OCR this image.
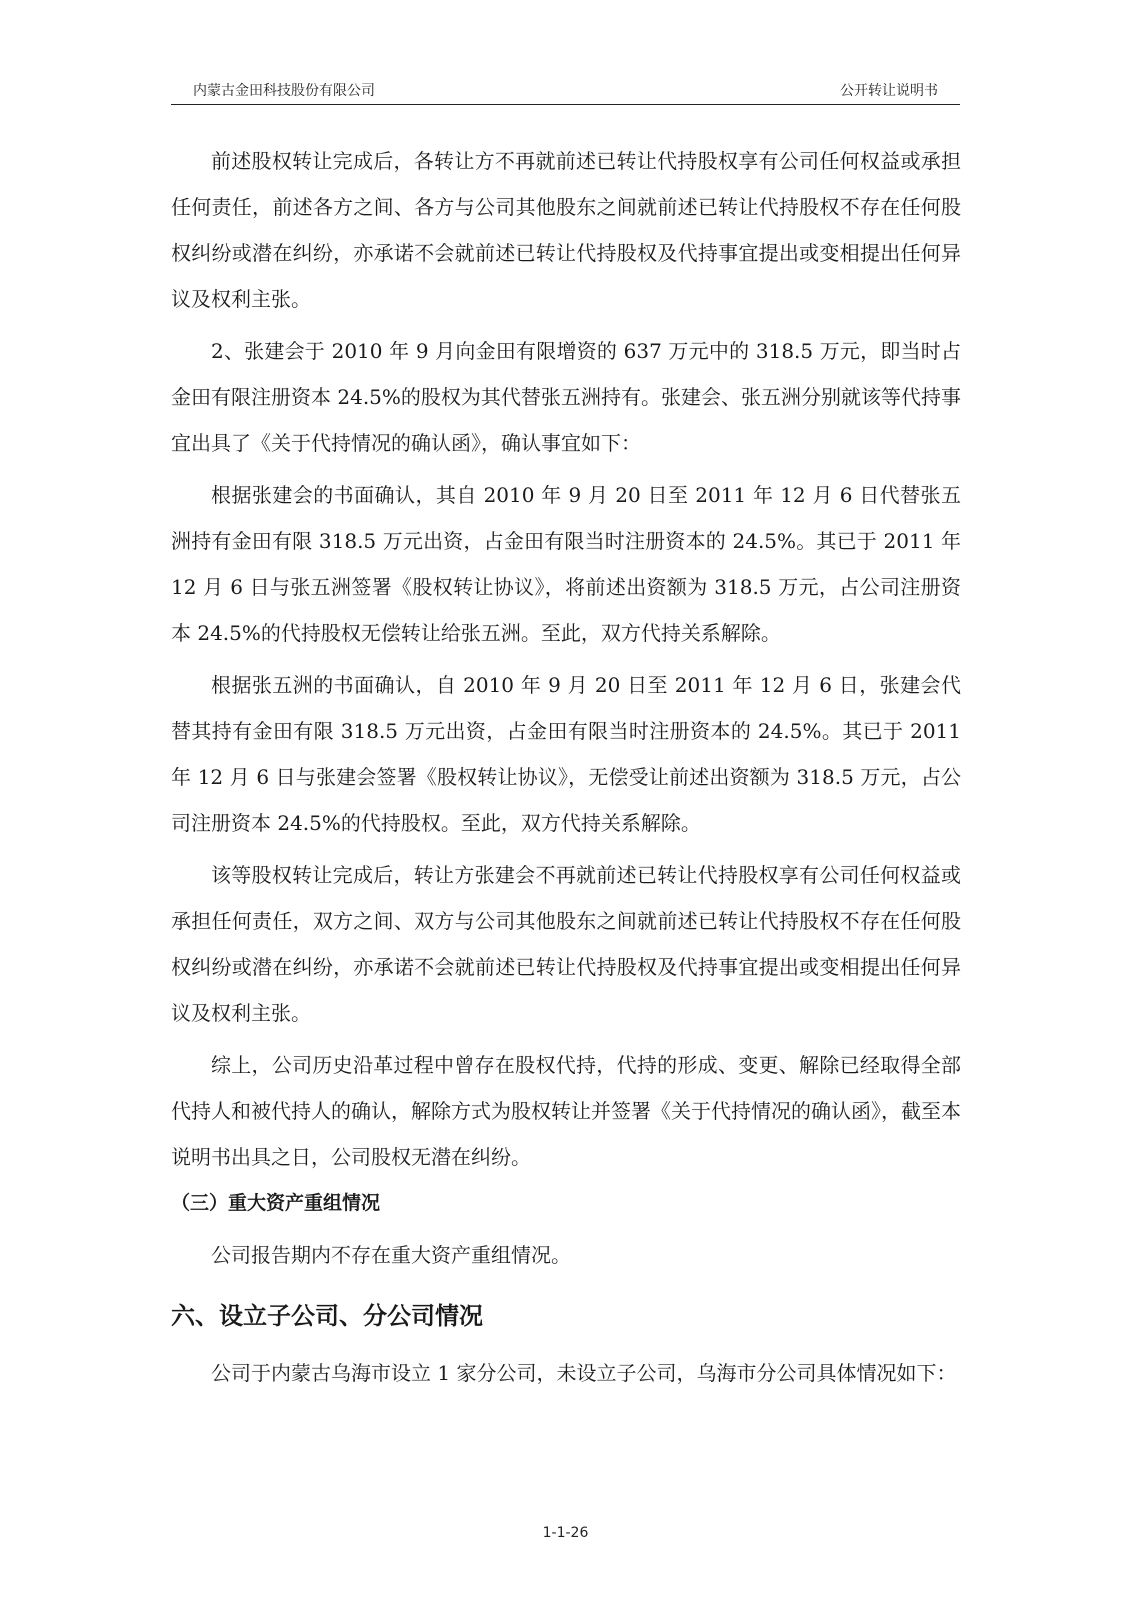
内蒙古金田科技股份有限公司	公开转让说明书

前述股权转让完成后，各转让方不再就前述已转让代持股权享有公司任何权益或承担任何责任，前述各方之间、各方与公司其他股东之间就前述已转让代持股权不存在任何股权纠纷或潜在纠纷，亦承诺不会就前述已转让代持股权及代持事宜提出或变相提出任何异议及权利主张。

2、张建会于 2010 年 9 月向金田有限增资的 637 万元中的 318.5 万元，即当时占金田有限注册资本 24.5%的股权为其代替张五洲持有。张建会、张五洲分别就该等代持事宜出具了《关于代持情况的确认函》，确认事宜如下：

根据张建会的书面确认，其自 2010 年 9 月 20 日至 2011 年 12 月 6 日代替张五洲持有金田有限 318.5 万元出资，占金田有限当时注册资本的 24.5%。其已于 2011 年 12 月 6 日与张五洲签署《股权转让协议》，将前述出资额为 318.5 万元，占公司注册资本 24.5%的代持股权无偿转让给张五洲。至此，双方代持关系解除。

根据张五洲的书面确认，自 2010 年 9 月 20 日至 2011 年 12 月 6 日，张建会代替其持有金田有限 318.5 万元出资，占金田有限当时注册资本的 24.5%。其已于 2011 年 12 月 6 日与张建会签署《股权转让协议》，无偿受让前述出资额为 318.5 万元，占公司注册资本 24.5%的代持股权。至此，双方代持关系解除。

该等股权转让完成后，转让方张建会不再就前述已转让代持股权享有公司任何权益或承担任何责任，双方之间、双方与公司其他股东之间就前述已转让代持股权不存在任何股权纠纷或潜在纠纷，亦承诺不会就前述已转让代持股权及代持事宜提出或变相提出任何异议及权利主张。

综上，公司历史沿革过程中曾存在股权代持，代持的形成、变更、解除已经取得全部代持人和被代持人的确认，解除方式为股权转让并签署《关于代持情况的确认函》，截至本说明书出具之日，公司股权无潜在纠纷。

（三）重大资产重组情况

公司报告期内不存在重大资产重组情况。

六、设立子公司、分公司情况

公司于内蒙古乌海市设立 1 家分公司，未设立子公司，乌海市分公司具体情况如下：

1-1-26
